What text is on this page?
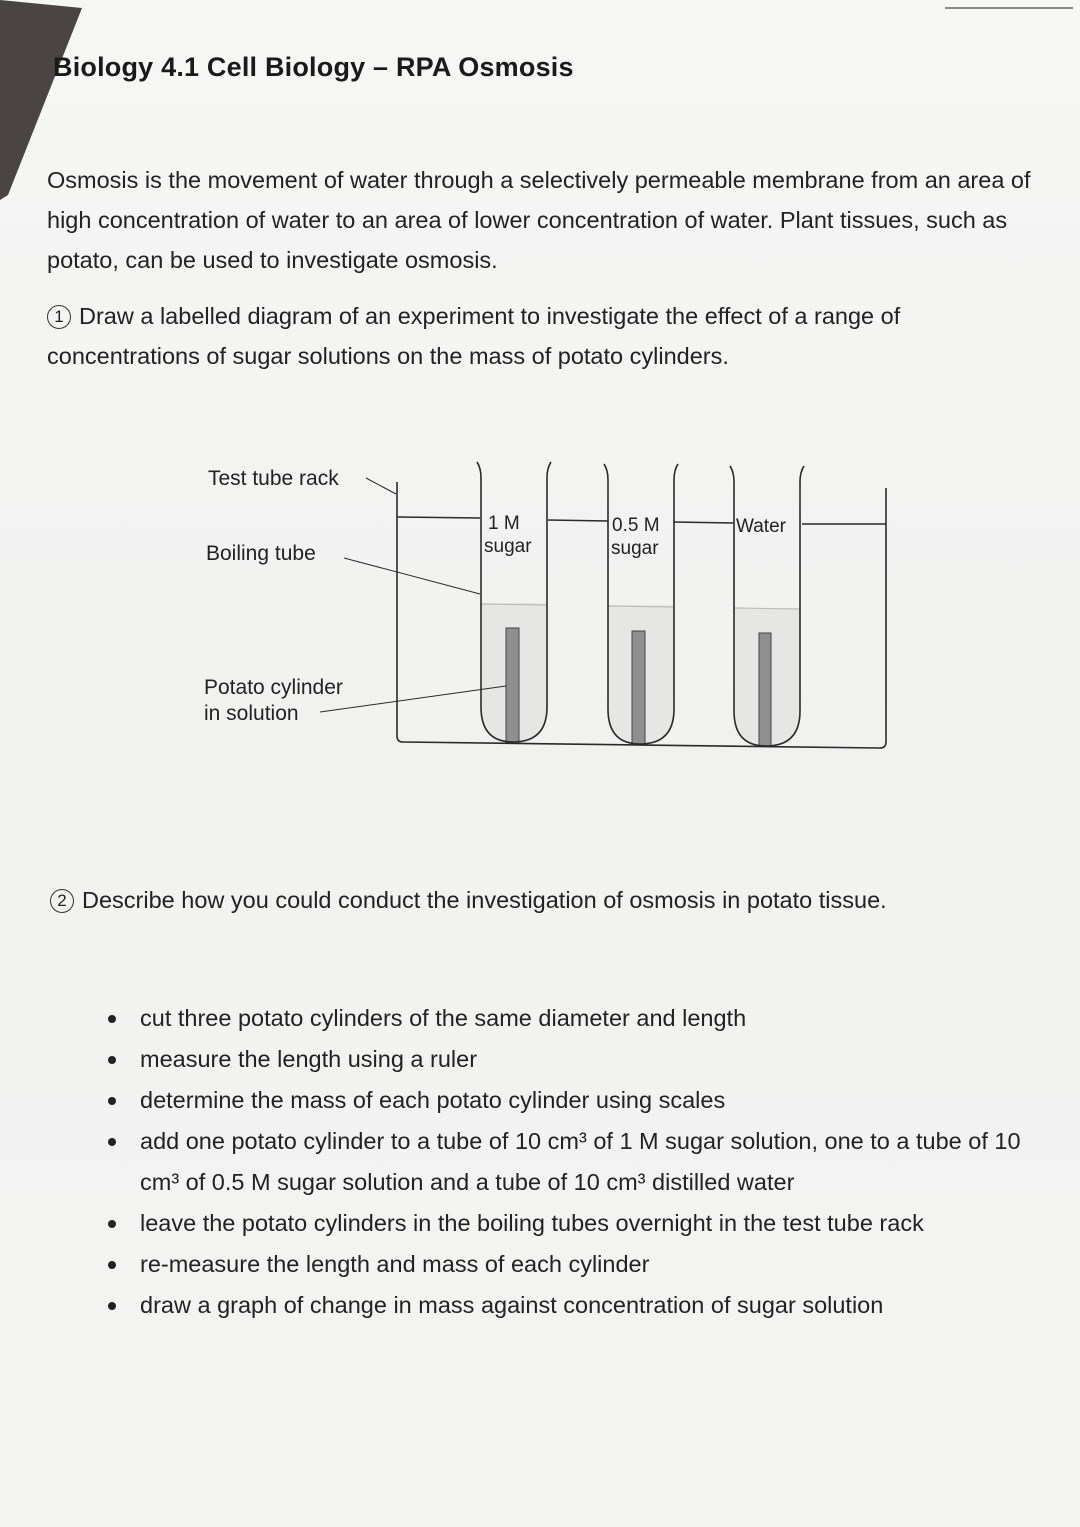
Biology 4.1 Cell Biology – RPA Osmosis
Osmosis is the movement of water through a selectively permeable membrane from an area of high concentration of water to an area of lower concentration of water. Plant tissues, such as potato, can be used to investigate osmosis.
1 Draw a labelled diagram of an experiment to investigate the effect of a range of concentrations of sugar solutions on the mass of potato cylinders.
1 M
sugar
0.5 M
sugar
Water
Test tube rack
Boiling tube
Potato cylinder
in solution
2 Describe how you could conduct the investigation of osmosis in potato tissue.
cut three potato cylinders of the same diameter and length
measure the length using a ruler
determine the mass of each potato cylinder using scales
add one potato cylinder to a tube of 10 cm³ of 1 M sugar solution, one to a tube of 10 cm³ of 0.5 M sugar solution and a tube of 10 cm³ distilled water
leave the potato cylinders in the boiling tubes overnight in the test tube rack
re-measure the length and mass of each cylinder
draw a graph of change in mass against concentration of sugar solution
